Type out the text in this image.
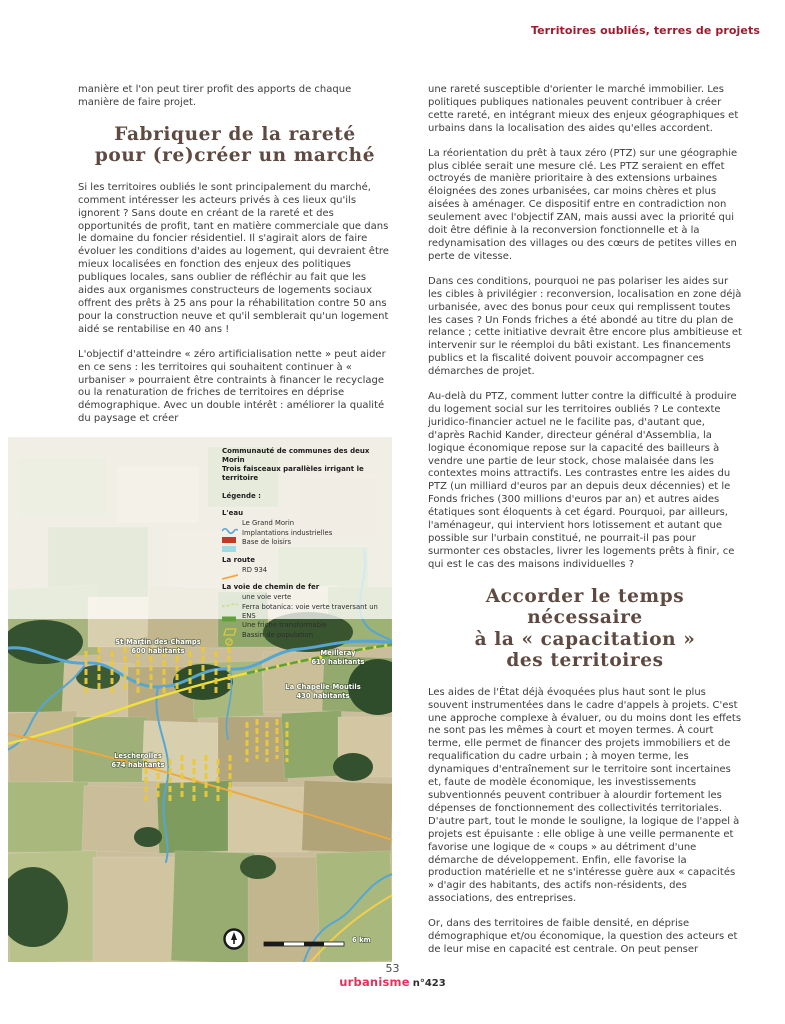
Territoires oubliés, terres de projets

manière et l'on peut tirer profit des apports de chaque manière de faire projet.

Fabriquer de la rareté
pour (re)créer un marché

Si les territoires oubliés le sont principalement du marché, comment intéresser les acteurs privés à ces lieux qu'ils ignorent ? Sans doute en créant de la rareté et des opportunités de profit, tant en matière commerciale que dans le domaine du foncier résidentiel. Il s'agirait alors de faire évoluer les conditions d'aides au logement, qui devraient être mieux localisées en fonction des enjeux des politiques publiques locales, sans oublier de réfléchir au fait que les aides aux organismes constructeurs de logements sociaux offrent des prêts à 25 ans pour la réhabilitation contre 50 ans pour la construction neuve et qu'il semblerait qu'un logement aidé se rentabilise en 40 ans !

L'objectif d'atteindre « zéro artificialisation nette » peut aider en ce sens : les territoires qui souhaitent continuer à « urbaniser » pourraient être contraints à financer le recyclage ou la renaturation de friches de territoires en déprise démographique. Avec un double intérêt : améliorer la qualité du paysage et créer

une rareté susceptible d'orienter le marché immobilier. Les politiques publiques nationales peuvent contribuer à créer cette rareté, en intégrant mieux des enjeux géographiques et urbains dans la localisation des aides qu'elles accordent.

La réorientation du prêt à taux zéro (PTZ) sur une géographie plus ciblée serait une mesure clé. Les PTZ seraient en effet octroyés de manière prioritaire à des extensions urbaines éloignées des zones urbanisées, car moins chères et plus aisées à aménager. Ce dispositif entre en contradiction non seulement avec l'objectif ZAN, mais aussi avec la priorité qui doit être définie à la reconversion fonctionnelle et à la redynamisation des villages ou des cœurs de petites villes en perte de vitesse.

Dans ces conditions, pourquoi ne pas polariser les aides sur les cibles à privilégier : reconversion, localisation en zone déjà urbanisée, avec des bonus pour ceux qui remplissent toutes les cases ? Un Fonds friches a été abondé au titre du plan de relance ; cette initiative devrait être encore plus ambitieuse et intervenir sur le réemploi du bâti existant. Les financements publics et la fiscalité doivent pouvoir accompagner ces démarches de projet.

Au-delà du PTZ, comment lutter contre la difficulté à produire du logement social sur les territoires oubliés ? Le contexte juridico-financier actuel ne le facilite pas, d'autant que, d'après Rachid Kander, directeur général d'Assemblia, la logique économique repose sur la capacité des bailleurs à vendre une partie de leur stock, chose malaisée dans les contextes moins attractifs. Les contrastes entre les aides du PTZ (un milliard d'euros par an depuis deux décennies) et le Fonds friches (300 millions d'euros par an) et autres aides étatiques sont éloquents à cet égard. Pourquoi, par ailleurs, l'aménageur, qui intervient hors lotissement et autant que possible sur l'urbain constitué, ne pourrait-il pas pour surmonter ces obstacles, livrer les logements prêts à finir, ce qui est le cas des maisons individuelles ?

Accorder le temps nécessaire
à la « capacitation »
des territoires

Les aides de l'État déjà évoquées plus haut sont le plus souvent instrumentées dans le cadre d'appels à projets. C'est une approche complexe à évaluer, ou du moins dont les effets ne sont pas les mêmes à court et moyen termes. À court terme, elle permet de financer des projets immobiliers et de requalification du cadre urbain ; à moyen terme, les dynamiques d'entraînement sur le territoire sont incertaines et, faute de modèle économique, les investissements subventionnés peuvent contribuer à alourdir fortement les dépenses de fonctionnement des collectivités territoriales. D'autre part, tout le monde le souligne, la logique de l'appel à projets est épuisante : elle oblige à une veille permanente et favorise une logique de « coups » au détriment d'une démarche de développement. Enfin, elle favorise la production matérielle et ne s'intéresse guère aux « capacités » d'agir des habitants, des actifs non-résidents, des associations, des entreprises.

Or, dans des territoires de faible densité, en déprise démographique et/ou économique, la question des acteurs et de leur mise en capacité est centrale. On peut penser

St-Martin-des-Champs
600 habitants	Meilleray
610 habitants
La Chapelle-Moutils
430 habitants
Lescherolles
674 habitants
6 km
Communauté de communes des deux Morin
Trois faisceaux parallèles irrigant le territoire
Légende :
L'eau
Le Grand Morin
Implantations industrielles
Base de loisirs
La route
RD 934
La voie de chemin de fer
une voie verte
Ferra botanica: voie verte traversant un ENS
Une friche transformable
Bassin de population
53
urbanisme n°423
